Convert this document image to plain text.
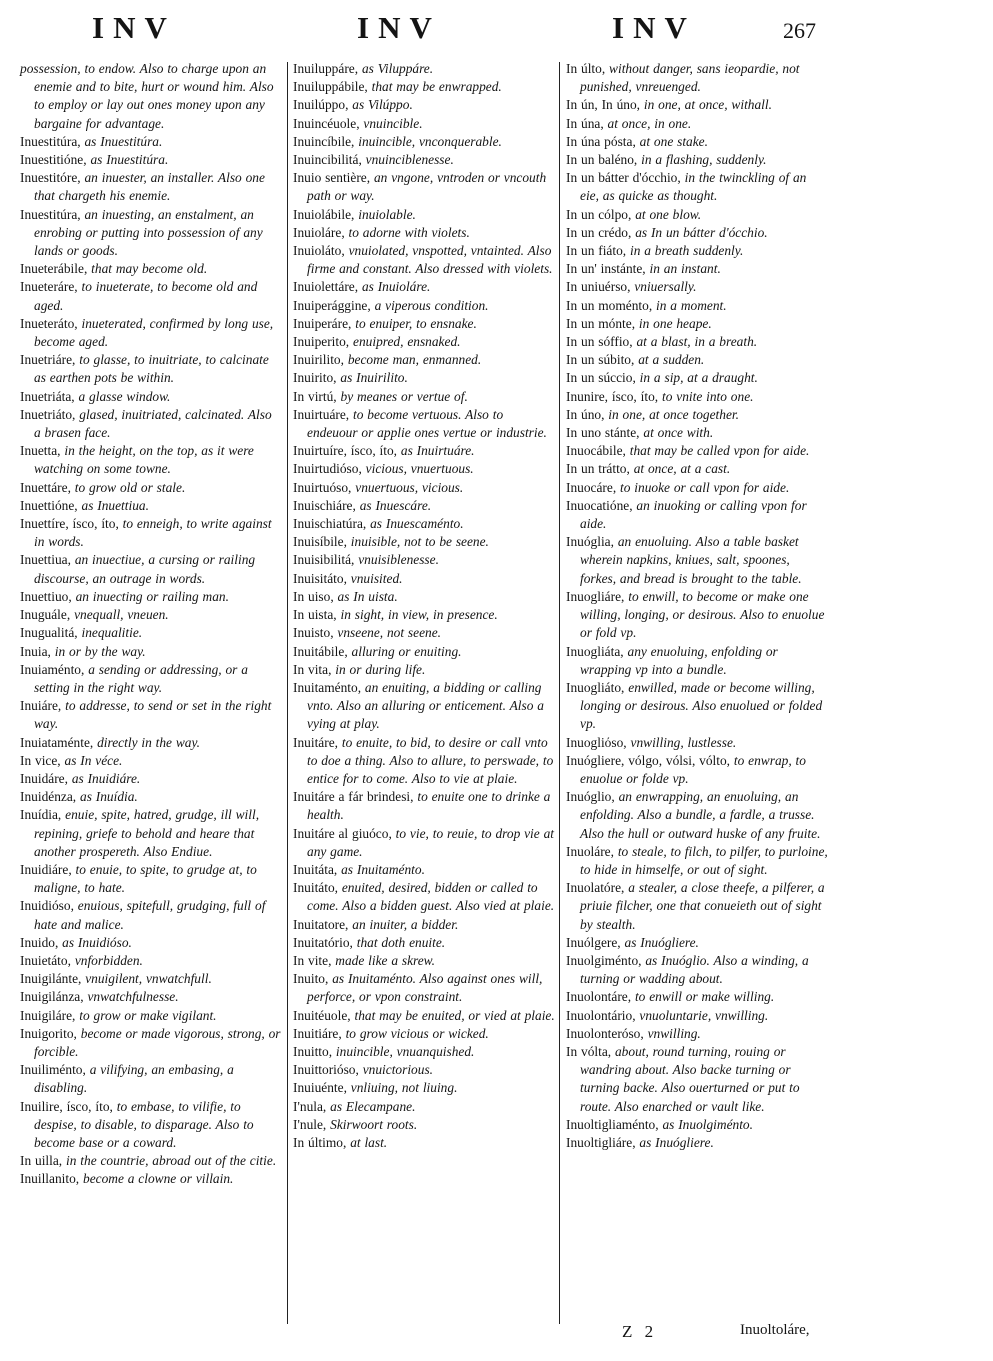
INV	INV	INV	267

possession, to endow. Also to charge upon an enemie and to bite, hurt or wound him. Also to employ or lay out ones money upon any bargaine for advantage.

Inuestitúra, as Inuestitúra.

Inuestitióne, as Inuestitúra.

Inuestitóre, an inuester, an installer. Also one that chargeth his enemie.

Inuestitúra, an inuesting, an enstalment, an enrobing or putting into possession of any lands or goods.

Inueterábile, that may become old.

Inueteráre, to inueterate, to become old and aged.

Inueteráto, inueterated, confirmed by long use, become aged.

Inuetriáre, to glasse, to inuitriate, to calcinate as earthen pots be within.

Inuetriáta, a glasse window.

Inuetriáto, glased, inuitriated, calcinated. Also a brasen face.

Inuetta, in the height, on the top, as it were watching on some towne.

Inuettáre, to grow old or stale.

Inuettióne, as Inuettiua.

Inuettíre, ísco, íto, to enneigh, to write against in words.

Inuettiua, an inuectiue, a cursing or railing discourse, an outrage in words.

Inuettiuo, an inuecting or railing man.

Inuguále, vnequall, vneuen.

Inugualitá, inequalitie.

Inuia, in or by the way.

Inuiaménto, a sending or addressing, or a setting in the right way.

Inuiáre, to addresse, to send or set in the right way.

Inuiataménte, directly in the way.

In vice, as In véce.

Inuidáre, as Inuidiáre.

Inuidénza, as Inuídia.

Inuídia, enuie, spite, hatred, grudge, ill will, repining, griefe to behold and heare that another prospereth. Also Endiue.

Inuidiáre, to enuie, to spite, to grudge at, to maligne, to hate.

Inuidióso, enuious, spitefull, grudging, full of hate and malice.

Inuido, as Inuidióso.

Inuietáto, vnforbidden.

Inuigilánte, vnuigilent, vnwatchfull.

Inuigilánza, vnwatchfulnesse.

Inuigiláre, to grow or make vigilant.

Inuigorito, become or made vigorous, strong, or forcible.

Inuiliménto, a vilifying, an embasing, a disabling.

Inuilire, ísco, íto, to embase, to vilifie, to despise, to disable, to disparage. Also to become base or a coward.

In uilla, in the countrie, abroad out of the citie.

Inuillanito, become a clowne or villain.

Inuiluppáre, as Viluppáre.

Inuiluppábile, that may be enwrapped.

Inuilúppo, as Vilúppo.

Inuincéuole, vnuincible.

Inuincíbile, inuincible, vnconquerable.

Inuincibilitá, vnuinciblenesse.

Inuio sentière, an vngone, vntroden or vncouth path or way.

Inuiolábile, inuiolable.

Inuioláre, to adorne with violets.

Inuioláto, vnuiolated, vnspotted, vntainted. Also firme and constant. Also dressed with violets.

Inuiolettáre, as Inuioláre.

Inuiperággine, a viperous condition.

Inuiperáre, to enuiper, to ensnake.

Inuiperito, enuipred, ensnaked.

Inuirilito, become man, enmanned.

Inuirito, as Inuirilito.

In virtú, by meanes or vertue of.

Inuirtuáre, to become vertuous. Also to endeuour or applie ones vertue or industrie.

Inuirtuíre, ísco, íto, as Inuirtuáre.

Inuirtudióso, vicious, vnuertuous.

Inuirtuóso, vnuertuous, vicious.

Inuischiáre, as Inuescáre.

Inuischiatúra, as Inuescaménto.

Inuisíbile, inuisible, not to be seene.

Inuisibilitá, vnuisiblenesse.

Inuisitáto, vnuisited.

In uiso, as In uista.

In uista, in sight, in view, in presence.

Inuisto, vnseene, not seene.

Inuitábile, alluring or enuiting.

In vita, in or during life.

Inuitaménto, an enuiting, a bidding or calling vnto. Also an alluring or enticement. Also a vying at play.

Inuitáre, to enuite, to bid, to desire or call vnto to doe a thing. Also to allure, to perswade, to entice for to come. Also to vie at plaie.

Inuitáre a fár brindesi, to enuite one to drinke a health.

Inuitáre al giuóco, to vie, to reuie, to drop vie at any game.

Inuitáta, as Inuitaménto.

Inuitáto, enuited, desired, bidden or called to come. Also a bidden guest. Also vied at plaie.

Inuitatore, an inuiter, a bidder.

Inuitatório, that doth enuite.

In vite, made like a skrew.

Inuito, as Inuitaménto. Also against ones will, perforce, or vpon constraint.

Inuitéuole, that may be enuited, or vied at plaie.

Inuitiáre, to grow vicious or wicked.

Inuitto, inuincible, vnuanquished.

Inuittorióso, vnuictorious.

Inuiuénte, vnliuing, not liuing.

I'nula, as Elecampane.

I'nule, Skirwoort roots.

In último, at last.

In últo, without danger, sans ieopardie, not punished, vnreuenged.

In ún, In úno, in one, at once, withall.

In úna, at once, in one.

In úna pósta, at one stake.

In un baléno, in a flashing, suddenly.

In un bátter d'ócchio, in the twinckling of an eie, as quicke as thought.

In un cólpo, at one blow.

In un crédo, as In un bátter d'ócchio.

In un fiáto, in a breath suddenly.

In un' instánte, in an instant.

In uniuérso, vniuersally.

In un moménto, in a moment.

In un mónte, in one heape.

In un sóffio, at a blast, in a breath.

In un súbito, at a sudden.

In un súccio, in a sip, at a draught.

Inunire, ísco, íto, to vnite into one.

In úno, in one, at once together.

In uno stánte, at once with.

Inuocábile, that may be called vpon for aide.

In un trátto, at once, at a cast.

Inuocáre, to inuoke or call vpon for aide.

Inuocatióne, an inuoking or calling vpon for aide.

Inuóglia, an enuoluing. Also a table basket wherein napkins, kniues, salt, spoones, forkes, and bread is brought to the table.

Inuogliáre, to enwill, to become or make one willing, longing, or desirous. Also to enuolue or fold vp.

Inuogliáta, any enuoluing, enfolding or wrapping vp into a bundle.

Inuogliáto, enwilled, made or become willing, longing or desirous. Also enuolued or folded vp.

Inuogliόso, vnwilling, lustlesse.

Inuógliere, vólgo, vólsi, vólto, to enwrap, to enuolue or folde vp.

Inuóglio, an enwrapping, an enuoluing, an enfolding. Also a bundle, a fardle, a trusse. Also the hull or outward huske of any fruite.

Inuoláre, to steale, to filch, to pilfer, to purloine, to hide in himselfe, or out of sight.

Inuolatóre, a stealer, a close theefe, a pilferer, a priuie filcher, one that conueieth out of sight by stealth.

Inuólgere, as Inuógliere.

Inuolgiménto, as Inuóglio. Also a winding, a turning or wadding about.

Inuolontáre, to enwill or make willing.

Inuolontário, vnuoluntarie, vnwilling.

Inuolonteróso, vnwilling.

In vólta, about, round turning, rouing or wandring about. Also backe turning or turning backe. Also ouerturned or put to route. Also enarched or vault like.

Inuoltigliaménto, as Inuolgiménto.

Inuoltigliáre, as Inuógliere.

Z 2	Inuoltoláre,
